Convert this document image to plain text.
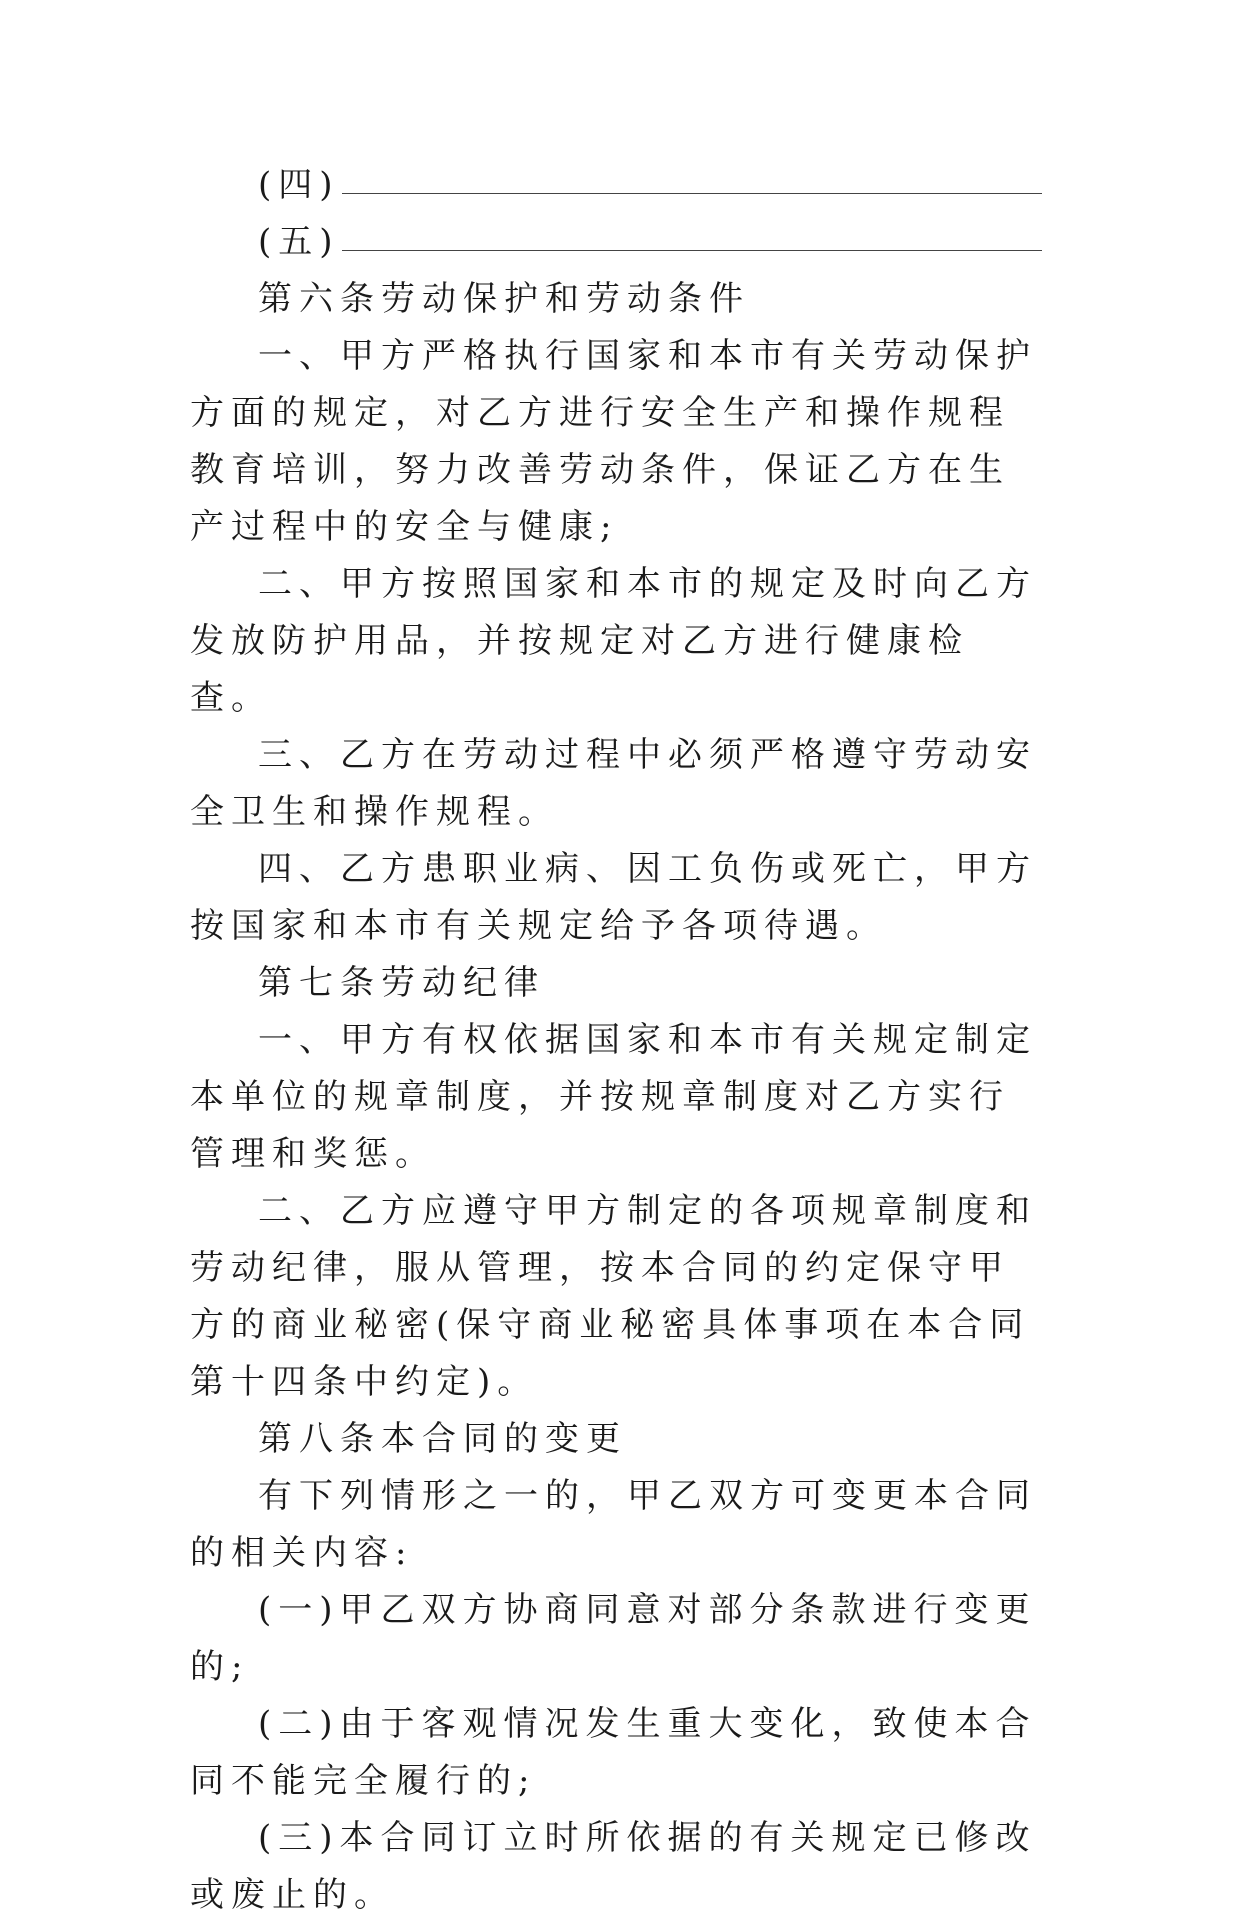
(四)
(五)

第六条劳动保护和劳动条件

一、甲方严格执行国家和本市有关劳动保护方面的规定，对乙方进行安全生产和操作规程教育培训，努力改善劳动条件，保证乙方在生产过程中的安全与健康;

二、甲方按照国家和本市的规定及时向乙方发放防护用品，并按规定对乙方进行健康检查。

三、乙方在劳动过程中必须严格遵守劳动安全卫生和操作规程。

四、乙方患职业病、因工负伤或死亡，甲方按国家和本市有关规定给予各项待遇。

第七条劳动纪律

一、甲方有权依据国家和本市有关规定制定本单位的规章制度，并按规章制度对乙方实行管理和奖惩。

二、乙方应遵守甲方制定的各项规章制度和劳动纪律，服从管理，按本合同的约定保守甲方的商业秘密(保守商业秘密具体事项在本合同第十四条中约定)。

第八条本合同的变更

有下列情形之一的，甲乙双方可变更本合同的相关内容:

(一)甲乙双方协商同意对部分条款进行变更的;

(二)由于客观情况发生重大变化，致使本合同不能完全履行的;

(三)本合同订立时所依据的有关规定已修改或废止的。
